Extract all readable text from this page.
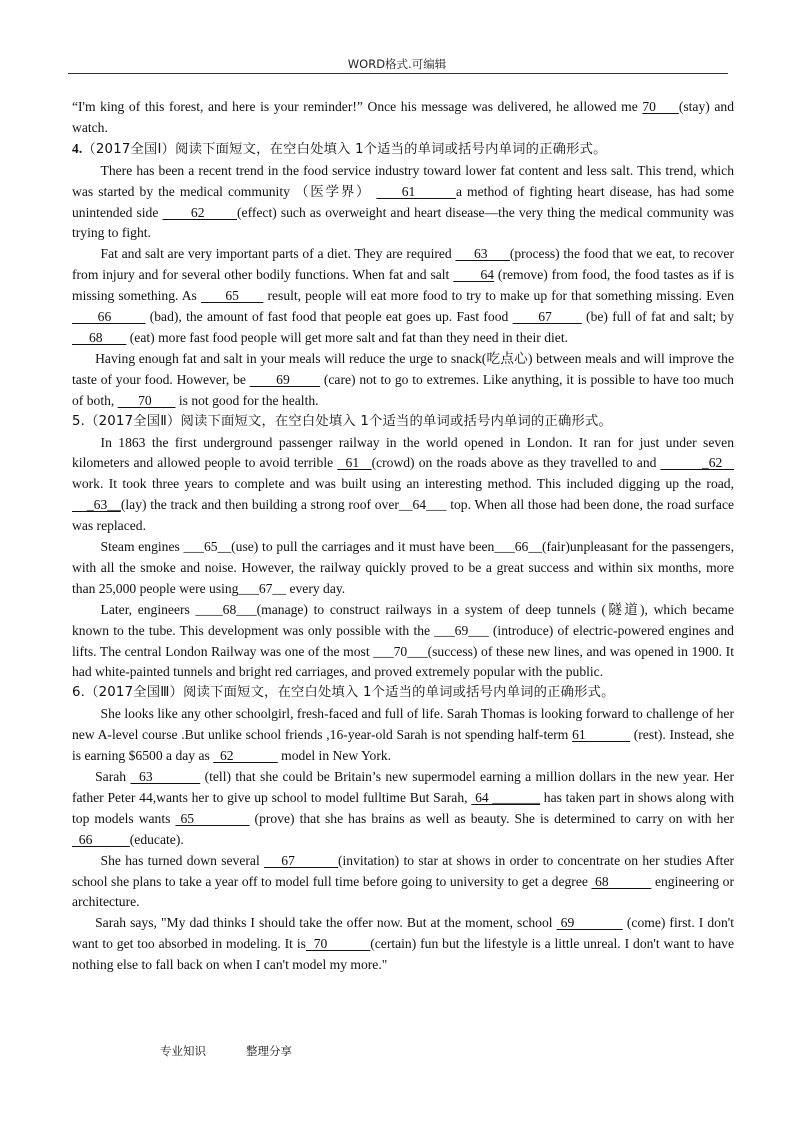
WORD格式.可编辑

“I'm king of this forest, and here is your reminder!” Once his message was delivered, he allowed me 70     (stay) and watch.

4.（2017全国Ⅰ）阅读下面短文，在空白处填入 1个适当的单词或括号内单词的正确形式。

There has been a recent trend in the food service industry toward lower fat content and less salt. This trend, which was started by the medical community （医学界）      61        a method of fighting heart disease, has had some unintended side        62        (effect) such as overweight and heart disease—the very thing the medical community was trying to fight.

Fat and salt are very important parts of a diet. They are required      63      (process) the food that we eat, to recover from injury and for several other bodily functions. When fat and salt        64 (remove) from food, the food tastes as if is missing something. As       65       result, people will eat more food to try to make up for that something missing. Even       66         (bad), the amount of fast food that people eat goes up. Fast food       67        (be) full of fat and salt; by      68        (eat) more fast food people will get more salt and fat than they need in their diet.

Having enough fat and salt in your meals will reduce the urge to snack(吃点心) between meals and will improve the taste of your food. However, be        69         (care) not to go to extremes. Like anything, it is possible to have too much of both,       70        is not good for the health.

5.（2017全国Ⅱ）阅读下面短文，在空白处填入 1个适当的单词或括号内单词的正确形式。

In 1863 the first underground passenger railway in the world opened in London. It ran for just under seven kilometers and allowed people to avoid terrible   61   (crowd) on the roads above as they travelled to and           _62    work. It took three years to complete and was built using an interesting method. This included digging up the road,     _63__(lay) the track and then building a strong roof over__64___ top. When all those had been done, the road surface was replaced.

Steam engines ___65__(use) to pull the carriages and it must have been___66__(fair)unpleasant for the passengers, with all the smoke and noise. However, the railway quickly proved to be a great success and within six months, more than 25,000 people were using___67__ every day.

Later, engineers ____68___(manage) to construct railways in a system of deep tunnels (隧道), which became known to the tube. This development was only possible with the ___69___ (introduce) of electric-powered engines and lifts. The central London Railway was one of the most ___70___(success) of these new lines, and was opened in 1900. It had white-painted tunnels and bright red carriages, and proved extremely popular with the public.

6.（2017全国Ⅲ）阅读下面短文，在空白处填入 1个适当的单词或括号内单词的正确形式。

She looks like any other schoolgirl, fresh-faced and full of life. Sarah Thomas is looking forward to challenge of her new A-level course .But unlike school friends ,16-year-old Sarah is not spending half-term 61             (rest). Instead, she is earning $6500 a day as   62              model in New York.

Sarah   63            (tell) that she could be Britain’s new supermodel earning a million dollars in the new year. Her father Peter 44,wants her to give up school to model fulltime But Sarah,  64 _______ has taken part in shows along with top models wants  65            (prove) that she has brains as well as beauty. She is determined to carry on with her  66           (educate).

She has turned down several     67          (invitation) to star at shows in order to concentrate on her studies After school she plans to take a year off to model full time before going to university to get a degree  68             engineering or architecture.

Sarah says, "My dad thinks I should take the offer now. But at the moment, school  69             (come) first. I don't want to get too absorbed in modeling. It is  70           (certain) fun but the lifestyle is a little unreal. I don't want to have nothing else to fall back on when I can't model my more."

专业知识	整理分享
